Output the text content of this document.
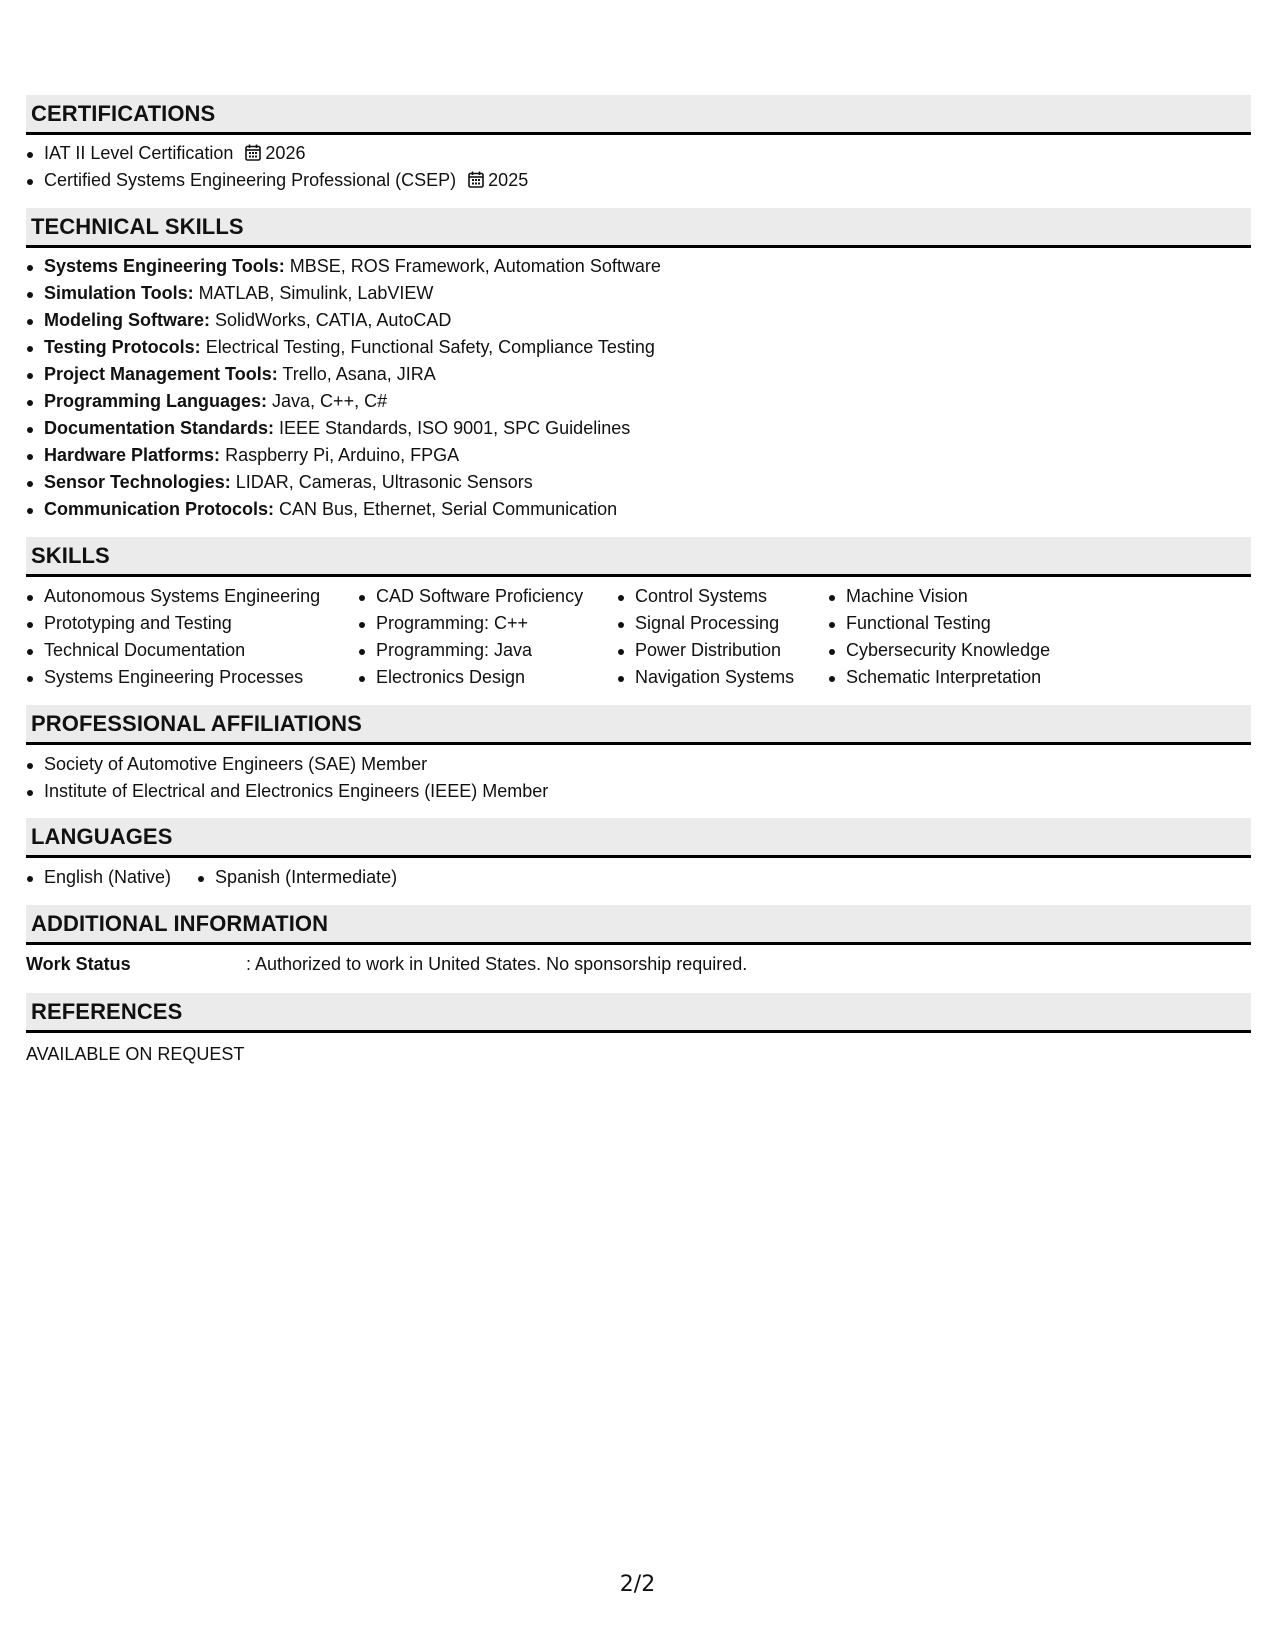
CERTIFICATIONS
IAT II Level Certification 2026
Certified Systems Engineering Professional (CSEP) 2025
TECHNICAL SKILLS
Systems Engineering Tools: MBSE, ROS Framework, Automation Software
Simulation Tools: MATLAB, Simulink, LabVIEW
Modeling Software: SolidWorks, CATIA, AutoCAD
Testing Protocols: Electrical Testing, Functional Safety, Compliance Testing
Project Management Tools: Trello, Asana, JIRA
Programming Languages: Java, C++, C#
Documentation Standards: IEEE Standards, ISO 9001, SPC Guidelines
Hardware Platforms: Raspberry Pi, Arduino, FPGA
Sensor Technologies: LIDAR, Cameras, Ultrasonic Sensors
Communication Protocols: CAN Bus, Ethernet, Serial Communication
SKILLS
Autonomous Systems Engineering
Prototyping and Testing
Technical Documentation
Systems Engineering Processes
CAD Software Proficiency
Programming: C++
Programming: Java
Electronics Design
Control Systems
Signal Processing
Power Distribution
Navigation Systems
Machine Vision
Functional Testing
Cybersecurity Knowledge
Schematic Interpretation
PROFESSIONAL AFFILIATIONS
Society of Automotive Engineers (SAE) Member
Institute of Electrical and Electronics Engineers (IEEE) Member
LANGUAGES
English (Native)	Spanish (Intermediate)
ADDITIONAL INFORMATION
Work Status	: Authorized to work in United States. No sponsorship required.
REFERENCES
AVAILABLE ON REQUEST
2/2
